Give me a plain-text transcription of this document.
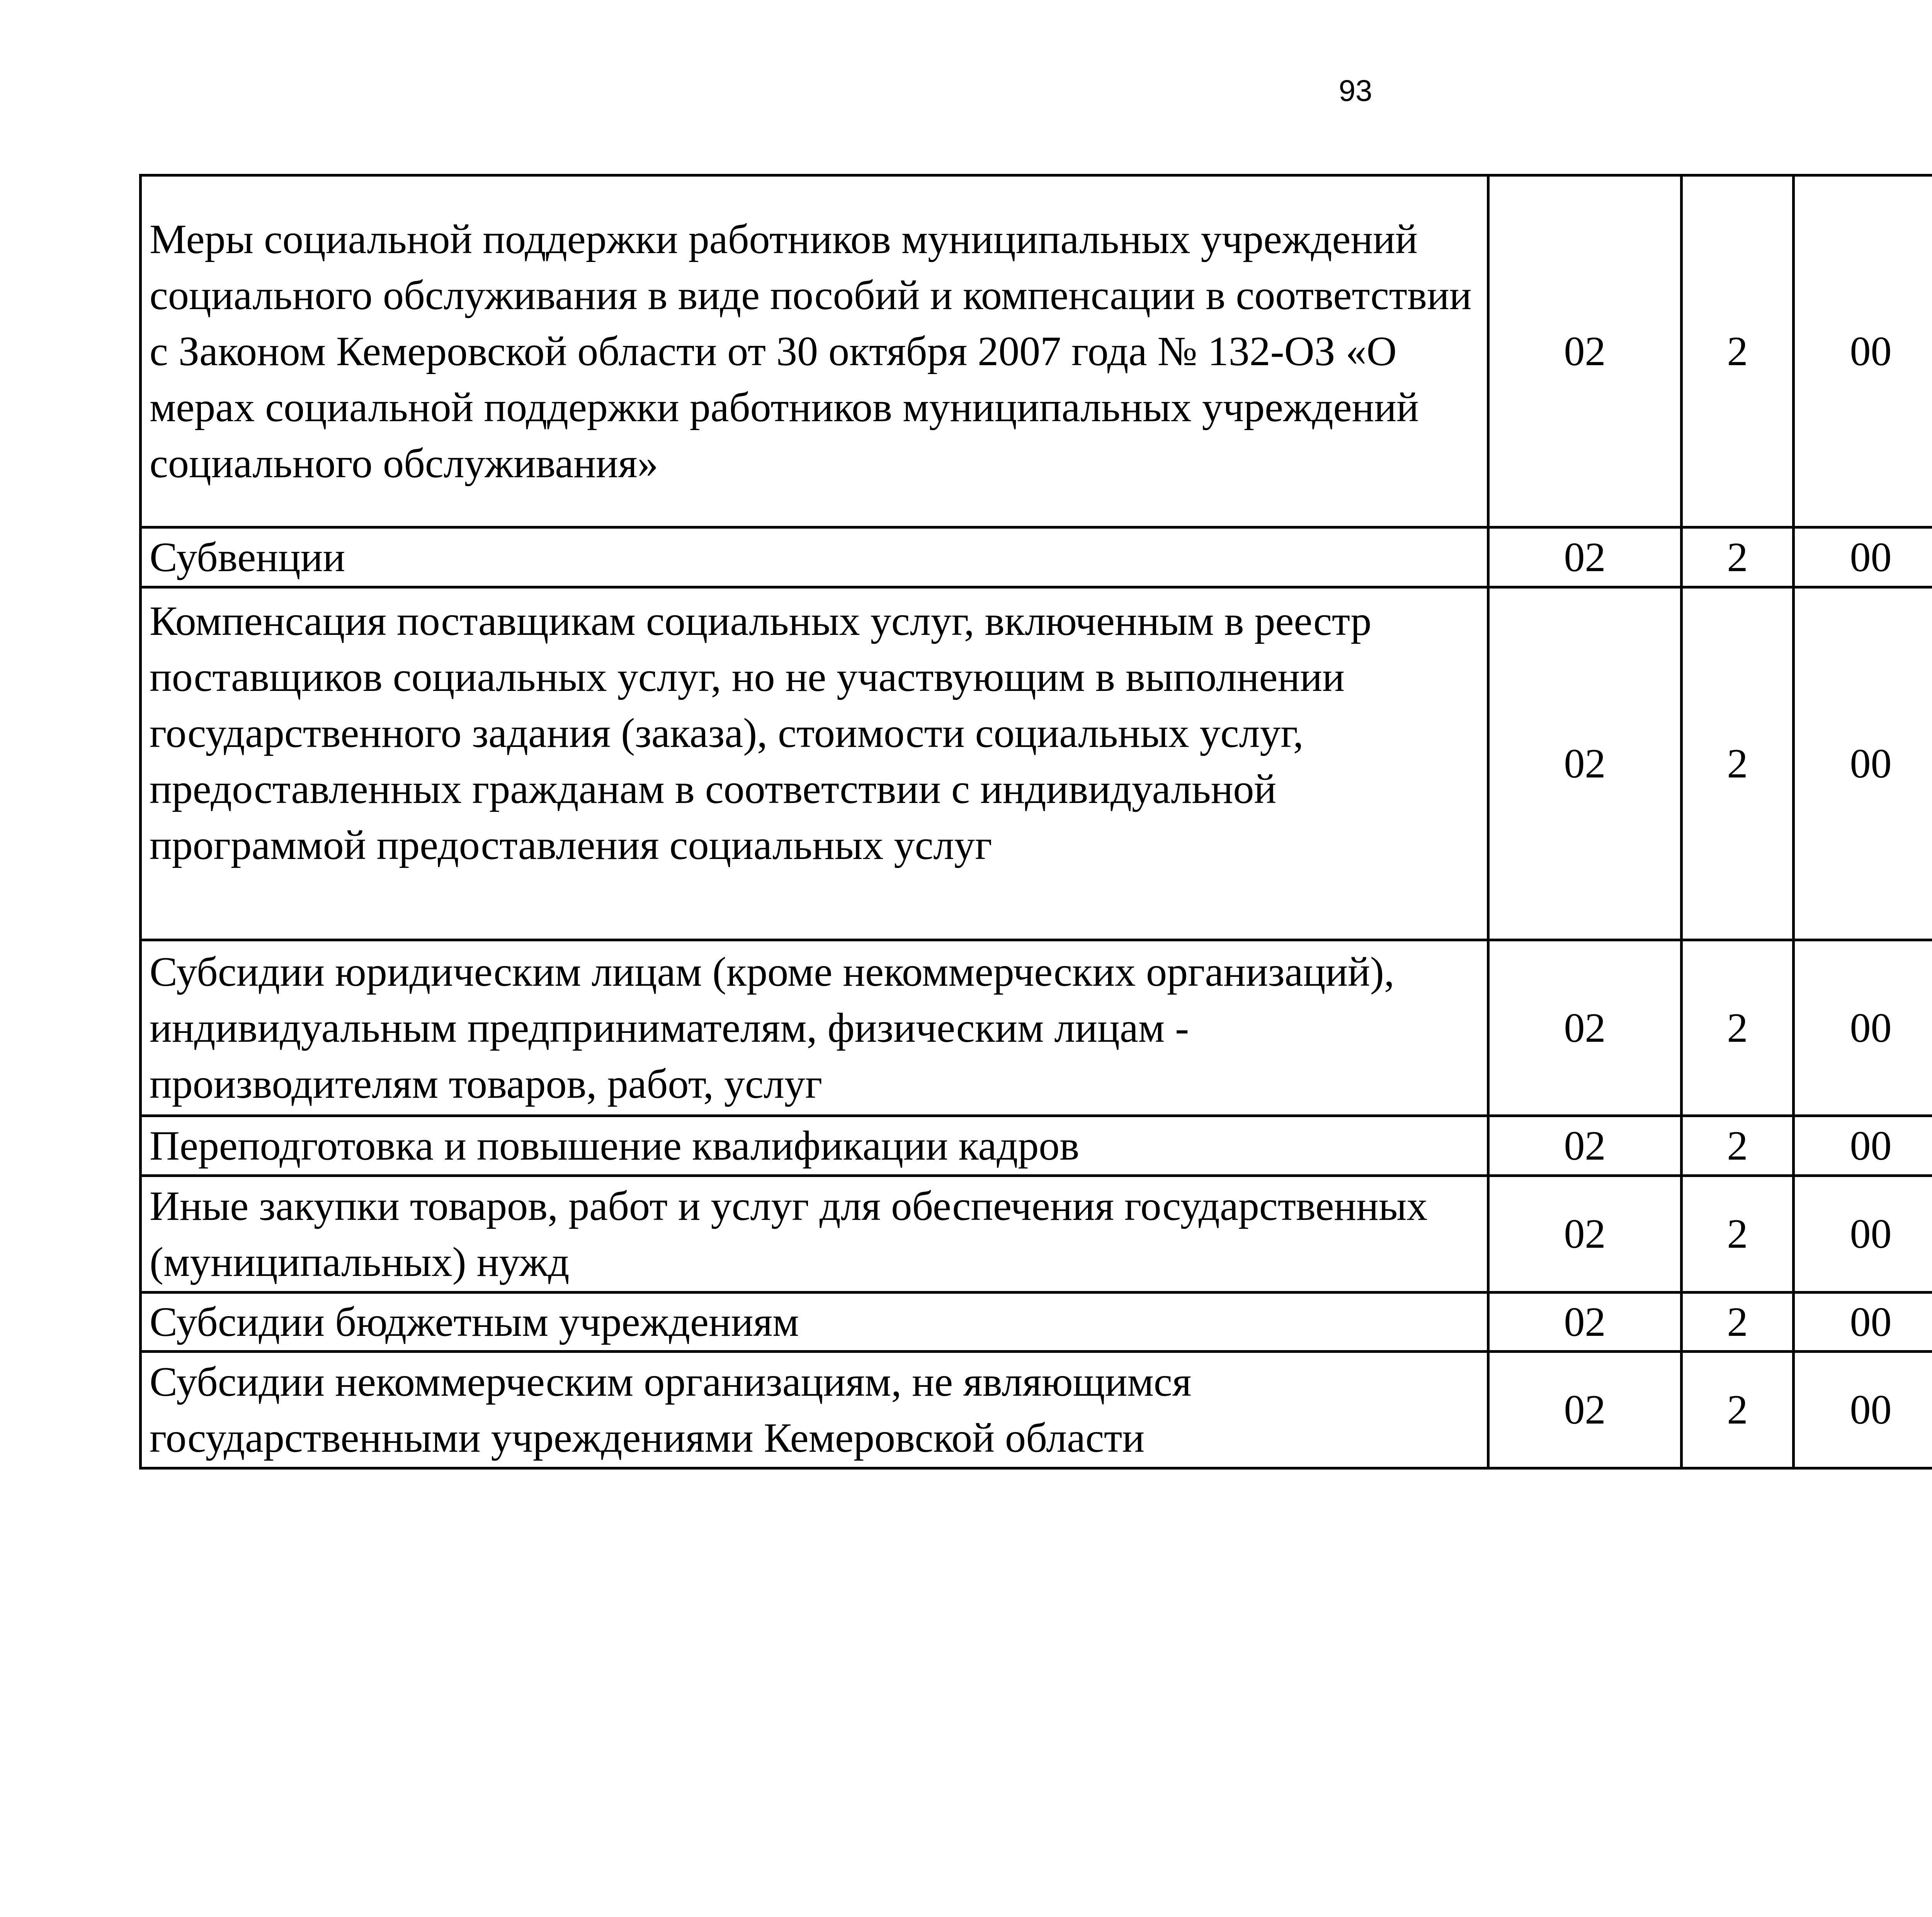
93
Меры социальной поддержки работников муниципальных учреждений социального обслуживания в виде пособий и компенсации в соответствии с Законом Кемеровской области от 30 октября 2007 года № 132-ОЗ «О мерах социальной поддержки работников муниципальных учреждений социального обслуживания»	02	2	00			
Субвенции	02	2	00			
Компенсация поставщикам социальных услуг, включенным в реестр поставщиков социальных услуг, но не участвующим в выполнении государственного задания (заказа), стоимости социальных услуг, предоставленных гражданам в соответствии с индивидуальной программой предоставления социальных услуг	02	2	00			
Субсидии юридическим лицам (кроме некоммерческих организаций), индивидуальным предпринимателям, физическим лицам - производителям товаров, работ, услуг	02	2	00			
Переподготовка и повышение квалификации кадров	02	2	00			
Иные закупки товаров, работ и услуг для обеспечения государственных (муниципальных) нужд	02	2	00			
Субсидии бюджетным учреждениям	02	2	00			
Субсидии некоммерческим организациям, не являющимся государственными учреждениями Кемеровской области	02	2	00			
